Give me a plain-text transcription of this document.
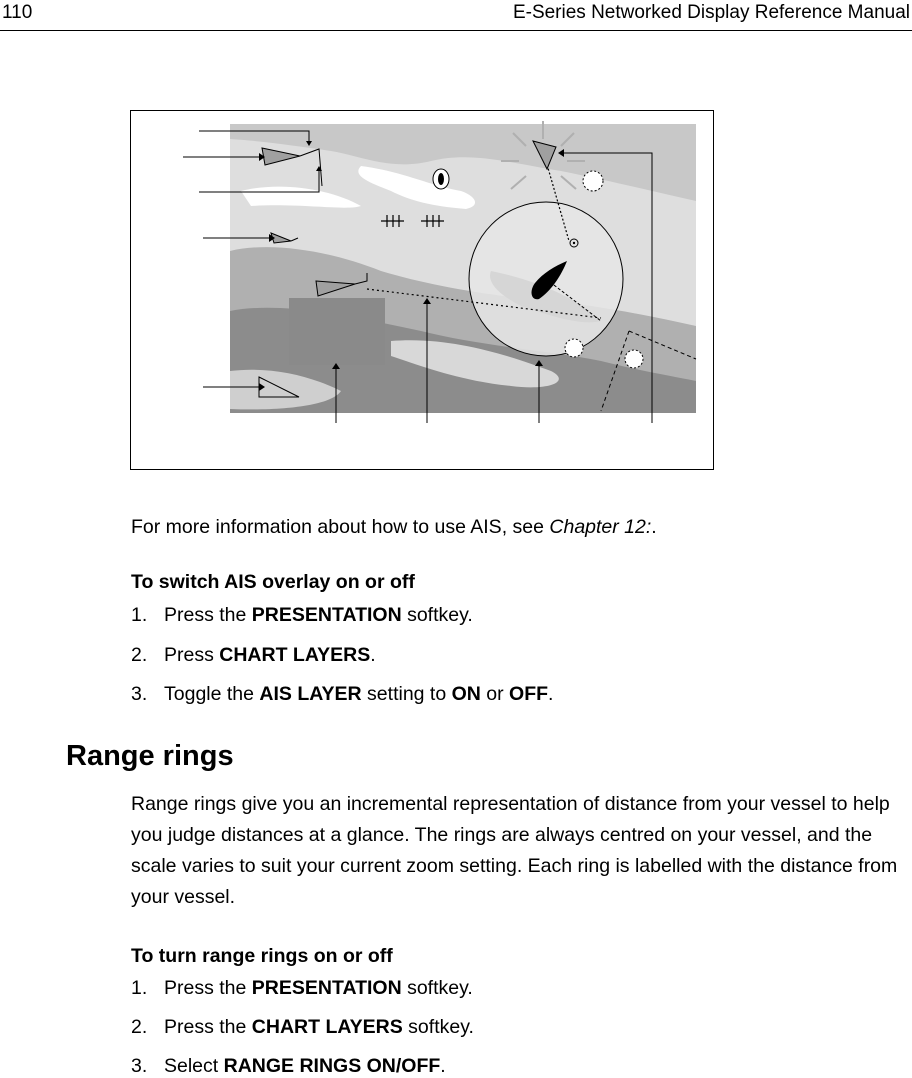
110	E-Series Networked Display Reference Manual
For more information about how to use AIS, see Chapter 12:.
To switch AIS overlay on or off
1. Press the PRESENTATION softkey.
2. Press CHART LAYERS.
3. Toggle the AIS LAYER setting to ON or OFF.
Range rings
Range rings give you an incremental representation of distance from your vessel to help you judge distances at a glance. The rings are always centred on your vessel, and the scale varies to suit your current zoom setting. Each ring is labelled with the distance from your vessel.
To turn range rings on or off
1. Press the PRESENTATION softkey.
2. Press the CHART LAYERS softkey.
3. Select RANGE RINGS ON/OFF.
